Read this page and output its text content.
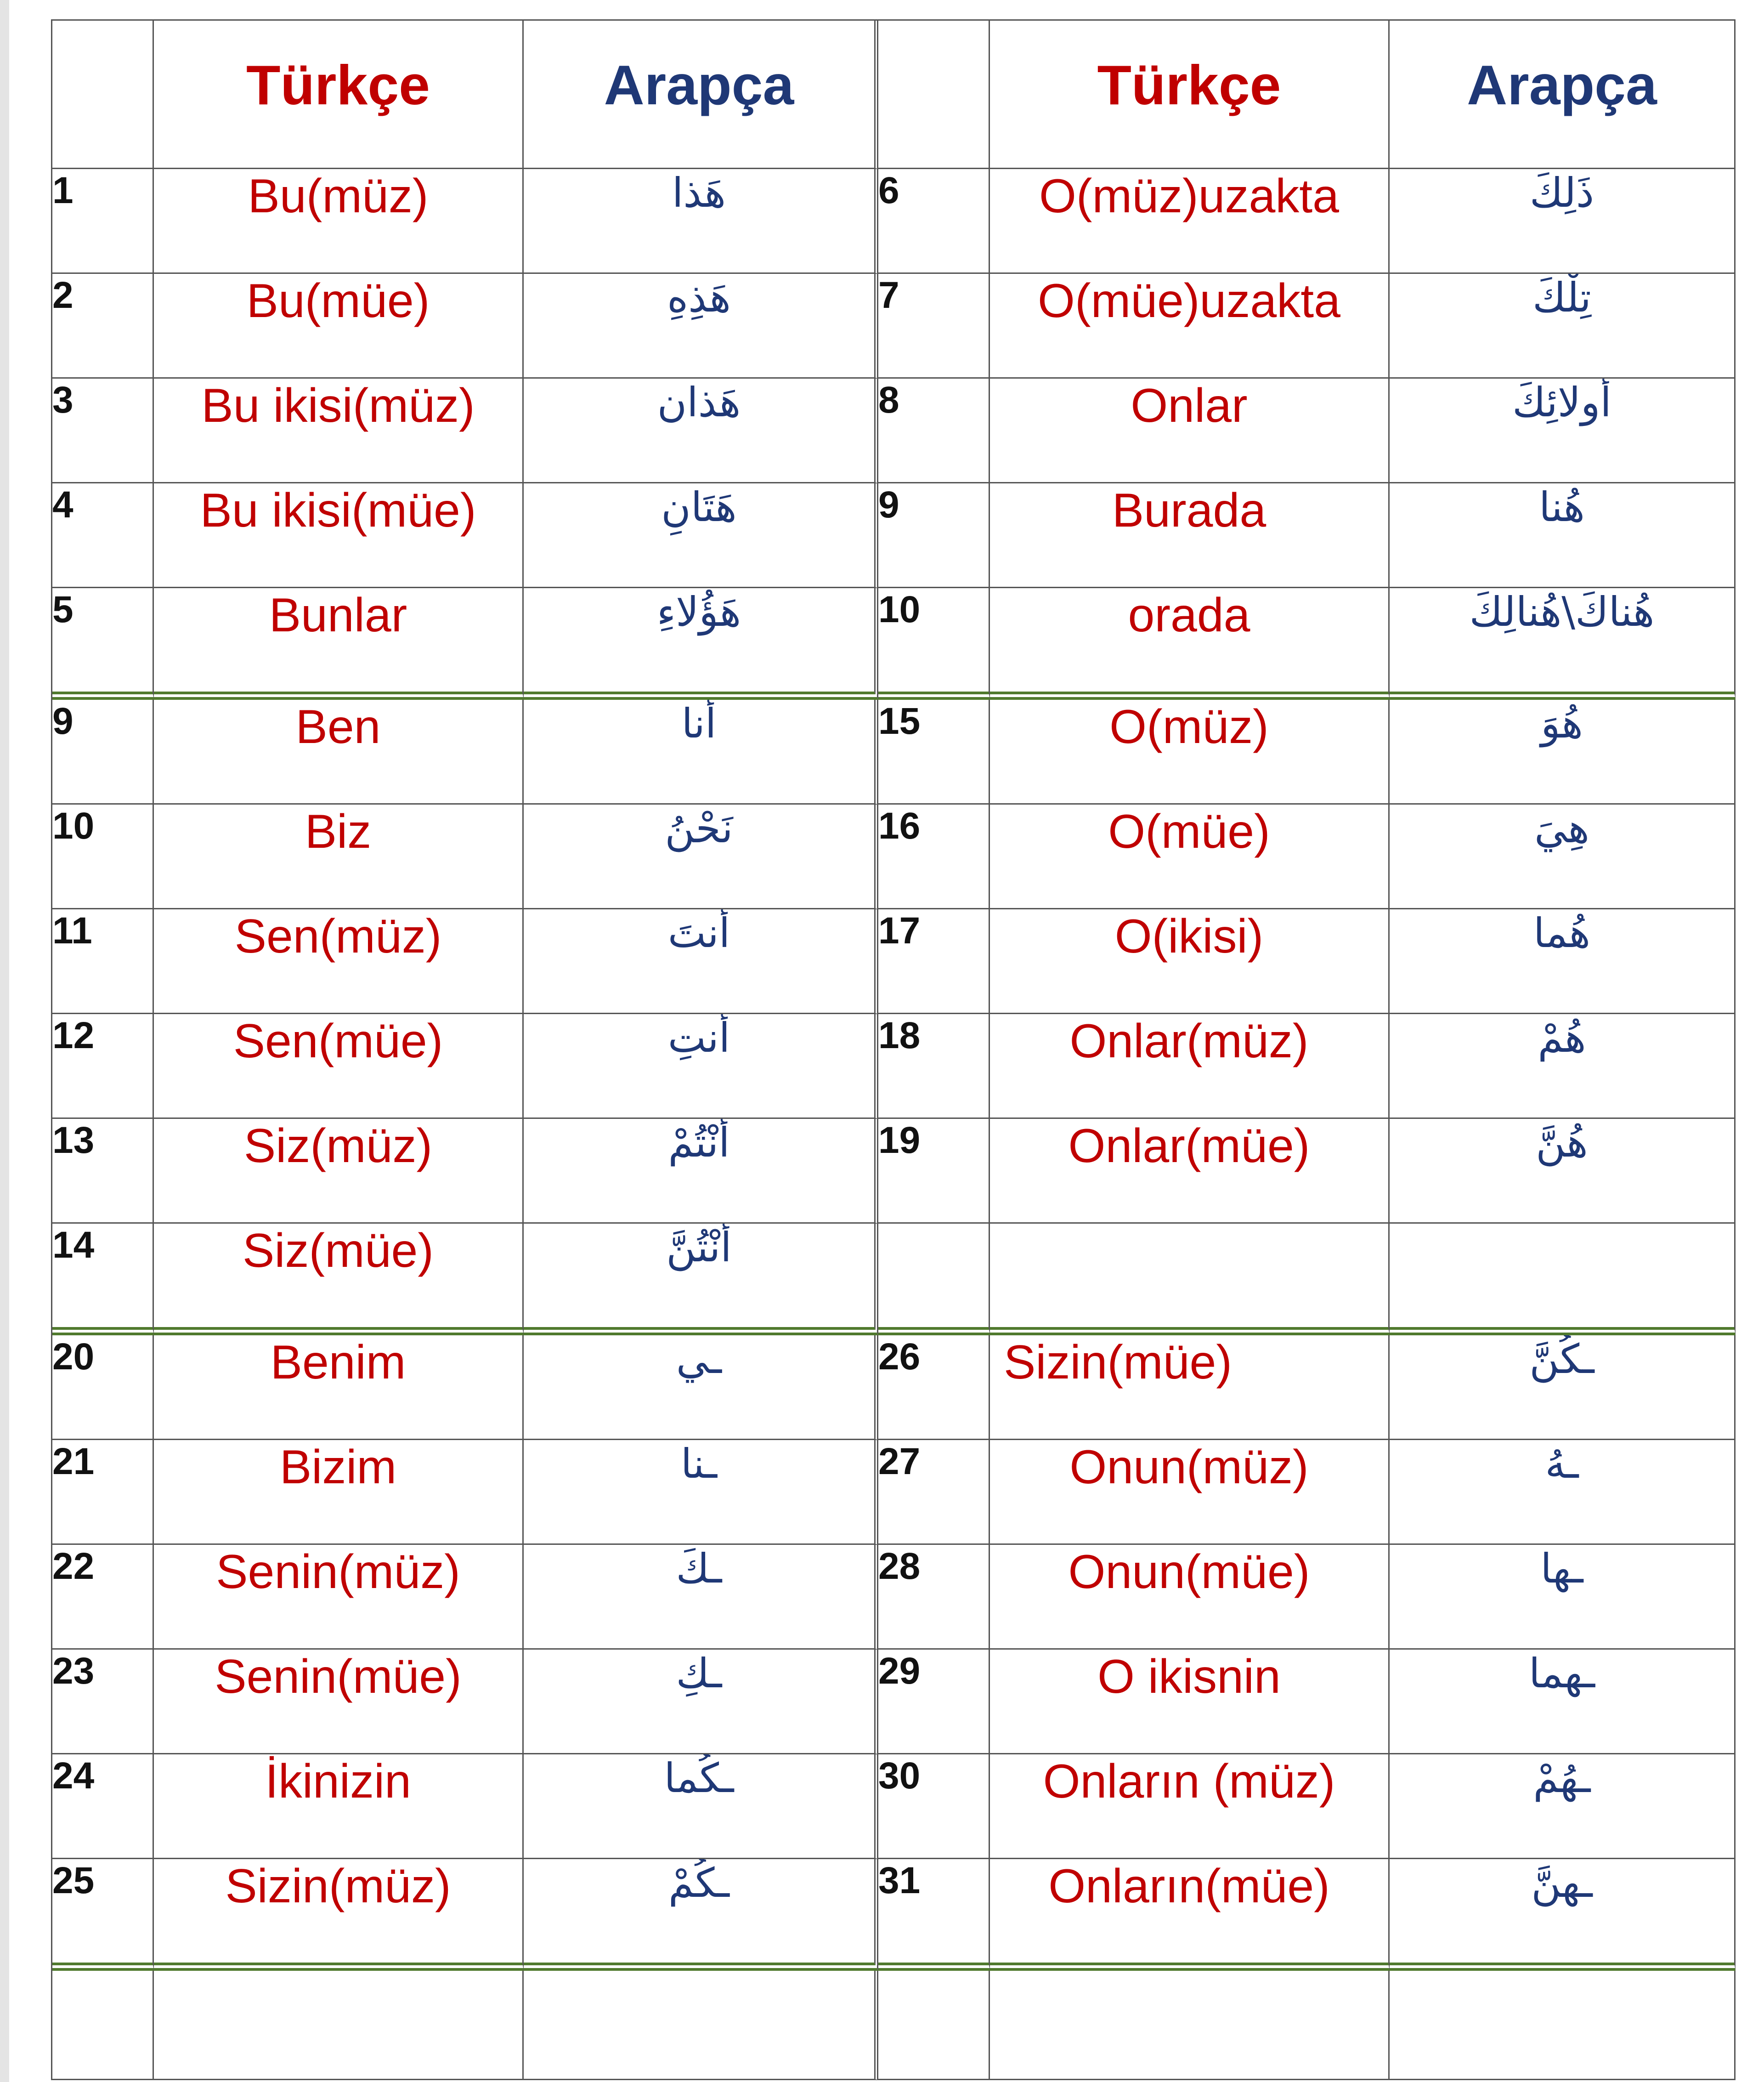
	Türkçe	Arapça		Türkçe	Arapça
1	Bu(müz)	هَذا	6	O(müz)uzakta	ذَلِكَ
2	Bu(müe)	هَذِهِ	7	O(müe)uzakta	تِلْكَ
3	Bu ikisi(müz)	هَذان	8	Onlar	أولائِكَ
4	Bu ikisi(müe)	هَتَانِ	9	Burada	هُنا
5	Bunlar	هَؤُلاءِ	10	orada	هُناكَ\هُنالِكَ
9	Ben	أنا	15	O(müz)	هُوَ
10	Biz	نَحْنُ	16	O(müe)	هِيَ
11	Sen(müz)	أنتَ	17	O(ikisi)	هُما
12	Sen(müe)	أنتِ	18	Onlar(müz)	هُمْ
13	Siz(müz)	أَنْتُمْ	19	Onlar(müe)	هُنَّ
14	Siz(müe)	أَنْتُنَّ			
20	Benim	ـي	26	Sizin(müe)	ـكُنَّ
21	Bizim	ـنا	27	Onun(müz)	ـهُ
22	Senin(müz)	ـكَ	28	Onun(müe)	ـها
23	Senin(müe)	ـكِ	29	O ikisnin	ـهما
24	İkinizin	ـكُما	30	Onların (müz)	ـهُمْ
25	Sizin(müz)	ـكُمْ	31	Onların(müe)	ـهنَّ
